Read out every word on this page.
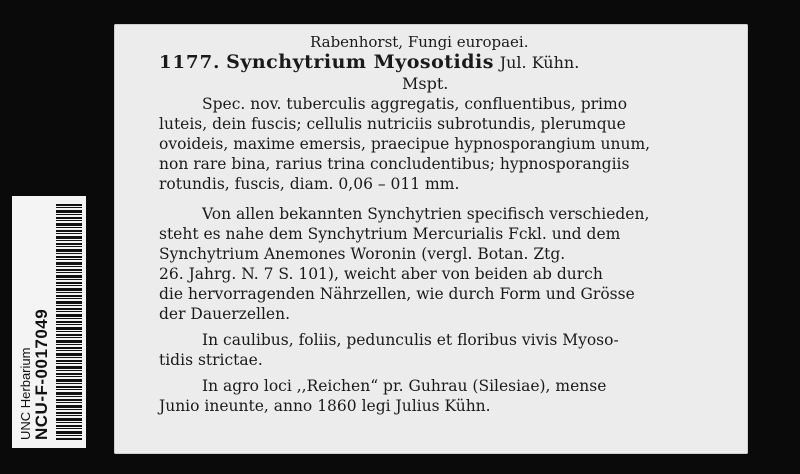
Rabenhorst, Fungi europaei.
1177. Synchytrium Myosotidis Jul. Kühn.
Mspt.
Spec. nov. tuberculis aggregatis, confluentibus, primo
luteis, dein fuscis; cellulis nutriciis subrotundis, plerumque
ovoideis, maxime emersis, praecipue hypnosporangium unum,
non rare bina, rarius trina concludentibus; hypnosporangiis
rotundis, fuscis, diam. 0,06 – 011 mm.
Von allen bekannten Synchytrien specifisch verschieden,
steht es nahe dem Synchytrium Mercurialis Fckl. und dem
Synchytrium Anemones Woronin (vergl. Botan. Ztg.
26. Jahrg. N. 7 S. 101), weicht aber von beiden ab durch
die hervorragenden Nährzellen, wie durch Form und Grösse
der Dauerzellen.
In caulibus, foliis, pedunculis et floribus vivis Myoso-
tidis strictae.
In agro loci ,,Reichen“ pr. Guhrau (Silesiae), mense
Junio ineunte, anno 1860 legi Julius Kühn.
UNC Herbarium NCU-F-0017049
